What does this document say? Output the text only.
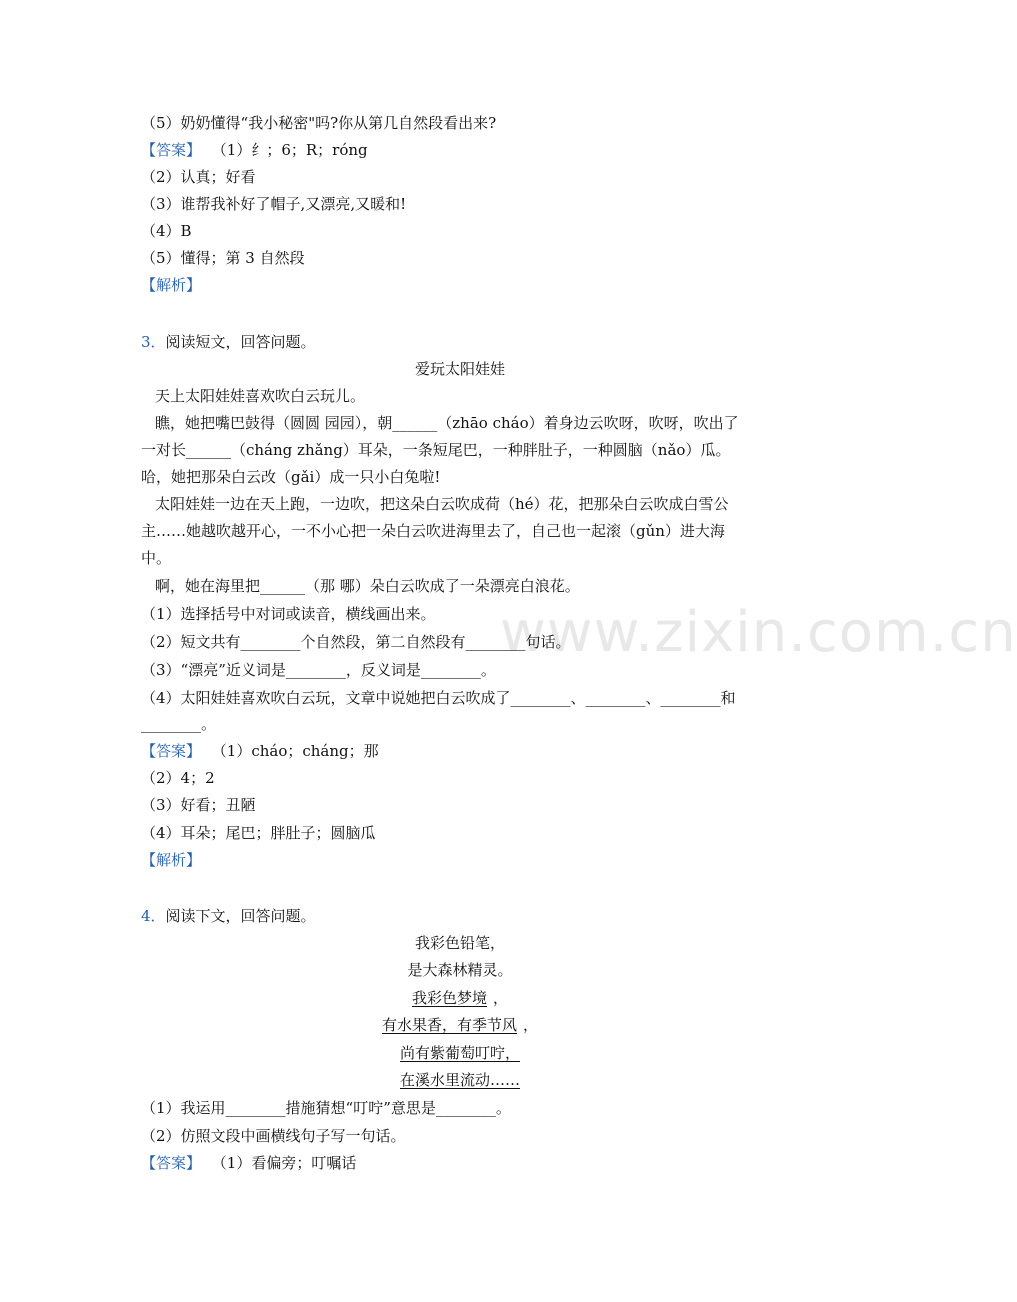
www.zixin.com.cn
（5）奶奶懂得“我小秘密"吗?你从第几自然段看出来?
【答案】 （1）纟；6；R；róng
（2）认真；好看
（3）谁帮我补好了帽子,又漂亮,又暖和!
（4）B
（5）懂得；第 3 自然段
【解析】
3．阅读短文，回答问题。
爱玩太阳娃娃
天上太阳娃娃喜欢吹白云玩儿。
瞧，她把嘴巴鼓得（圆圆 园园），朝______（zhāo cháo）着身边云吹呀，吹呀，吹出了
一对长______（cháng zhǎng）耳朵，一条短尾巴，一种胖肚子，一种圆脑（nǎo）瓜。
哈，她把那朵白云改（gǎi）成一只小白兔啦!
太阳娃娃一边在天上跑，一边吹，把这朵白云吹成荷（hé）花，把那朵白云吹成白雪公
主……她越吹越开心，一不小心把一朵白云吹进海里去了，自己也一起滚（gǔn）进大海
中。
啊，她在海里把______（那 哪）朵白云吹成了一朵漂亮白浪花。
（1）选择括号中对词或读音，横线画出来。
（2）短文共有________个自然段，第二自然段有________句话。
（3）“漂亮”近义词是________，反义词是________。
（4）太阳娃娃喜欢吹白云玩，文章中说她把白云吹成了________、________、________和
________。
【答案】 （1）cháo；cháng；那
（2）4；2
（3）好看；丑陋
（4）耳朵；尾巴；胖肚子；圆脑瓜
【解析】
4．阅读下文，回答问题。
我彩色铅笔，
是大森林精灵。
我彩色梦境 ，
有水果香，有季节风 ，
尚有紫葡萄叮咛，
在溪水里流动……
（1）我运用________措施猜想“叮咛”意思是________。
（2）仿照文段中画横线句子写一句话。
【答案】 （1）看偏旁；叮嘱话
